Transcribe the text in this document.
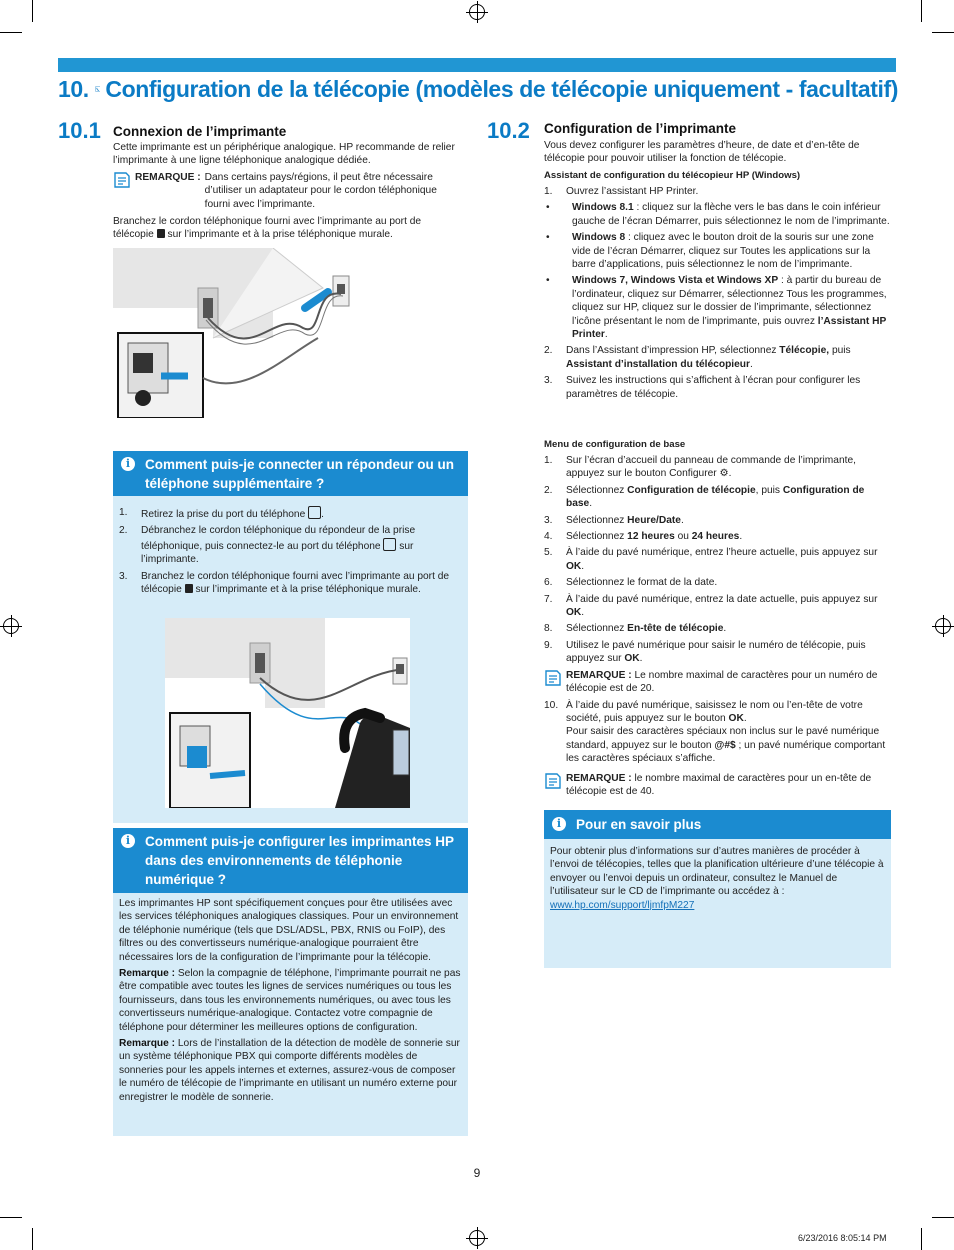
10. Configuration de la télécopie (modèles de télécopie uniquement - facultatif)
10.1 Connexion de l’imprimante
Cette imprimante est un périphérique analogique. HP recommande de relier l’imprimante à une ligne téléphonique analogique dédiée.
REMARQUE : Dans certains pays/régions, il peut être nécessaire d’utiliser un adaptateur pour le cordon téléphonique fourni avec l’imprimante.
Branchez le cordon téléphonique fourni avec l’imprimante au port de télécopie sur l’imprimante et à la prise téléphonique murale.
i	Comment puis-je connecter un répondeur ou un téléphone supplémentaire ?
1.	Retirez la prise du port du téléphone .
2.	Débranchez le cordon téléphonique du répondeur de la prise téléphonique, puis connectez-le au port du téléphone sur l’imprimante.
3.	Branchez le cordon téléphonique fourni avec l’imprimante au port de télécopie sur l’imprimante et à la prise téléphonique murale.
i	Comment puis-je configurer les imprimantes HP dans des environnements de téléphonie numérique ?
Les imprimantes HP sont spécifiquement conçues pour être utilisées avec les services téléphoniques analogiques classiques. Pour un environnement de téléphonie numérique (tels que DSL/ADSL, PBX, RNIS ou FoIP), des filtres ou des convertisseurs numérique-analogique pourraient être nécessaires lors de la configuration de l’imprimante pour la télécopie.
Remarque : Selon la compagnie de téléphone, l’imprimante pourrait ne pas être compatible avec toutes les lignes de services numériques ou tous les fournisseurs, dans tous les environnements numériques, ou avec tous les convertisseurs numérique-analogique. Contactez votre compagnie de téléphone pour déterminer les meilleures options de configuration.
Remarque : Lors de l’installation de la détection de modèle de sonnerie sur un système téléphonique PBX qui comporte différents modèles de sonneries pour les appels internes et externes, assurez-vous de composer le numéro de télécopie de l’imprimante en utilisant un numéro externe pour enregistrer le modèle de sonnerie.
10.2 Configuration de l’imprimante
Vous devez configurer les paramètres d’heure, de date et d’en-tête de télécopie pour pouvoir utiliser la fonction de télécopie.
Assistant de configuration du télécopieur HP (Windows)
1.	Ouvrez l’assistant HP Printer.
•	Windows 8.1 : cliquez sur la flèche vers le bas dans le coin inférieur gauche de l’écran Démarrer, puis sélectionnez le nom de l’imprimante.
•	Windows 8 : cliquez avec le bouton droit de la souris sur une zone vide de l’écran Démarrer, cliquez sur Toutes les applications sur la barre d’applications, puis sélectionnez le nom de l’imprimante.
•	Windows 7, Windows Vista et Windows XP : à partir du bureau de l’ordinateur, cliquez sur Démarrer, sélectionnez Tous les programmes, cliquez sur HP, cliquez sur le dossier de l’imprimante, sélectionnez l’icône présentant le nom de l’imprimante, puis ouvrez l’Assistant HP Printer.
2.	Dans l’Assistant d’impression HP, sélectionnez Télécopie, puis Assistant d’installation du télécopieur.
3.	Suivez les instructions qui s’affichent à l’écran pour configurer les paramètres de télécopie.
Menu de configuration de base
1.	Sur l’écran d’accueil du panneau de commande de l’imprimante, appuyez sur le bouton Configurer ⚙.
2.	Sélectionnez Configuration de télécopie, puis Configuration de base.
3.	Sélectionnez Heure/Date.
4.	Sélectionnez 12 heures ou 24 heures.
5.	À l’aide du pavé numérique, entrez l’heure actuelle, puis appuyez sur OK.
6.	Sélectionnez le format de la date.
7.	À l’aide du pavé numérique, entrez la date actuelle, puis appuyez sur OK.
8.	Sélectionnez En-tête de télécopie.
9.	Utilisez le pavé numérique pour saisir le numéro de télécopie, puis appuyez sur OK.
REMARQUE : Le nombre maximal de caractères pour un numéro de télécopie est de 20.
10. À l’aide du pavé numérique, saisissez le nom ou l’en-tête de votre société, puis appuyez sur le bouton OK.
Pour saisir des caractères spéciaux non inclus sur le pavé numérique standard, appuyez sur le bouton @#$ ; un pavé numérique comportant les caractères spéciaux s’affiche.
REMARQUE : le nombre maximal de caractères pour un en-tête de télécopie est de 40.
i	Pour en savoir plus
Pour obtenir plus d’informations sur d’autres manières de procéder à l’envoi de télécopies, telles que la planification ultérieure d’une télécopie à envoyer ou l’envoi depuis un ordinateur, consultez le Manuel de l’utilisateur sur le CD de l’imprimante ou accédez à :
www.hp.com/support/ljmfpM227
9
6/23/2016 8:05:14 PM
